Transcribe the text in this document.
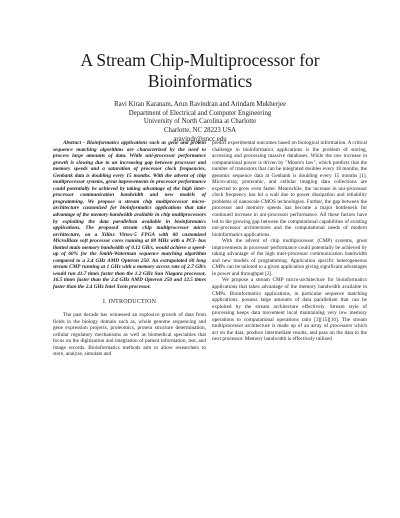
A Stream Chip-Multiprocessor for
Bioinformatics
Ravi Kiran Karanam, Arun Ravindran and Arindam Mukherjee
Department of Electrical and Computer Engineering
University of North Carolina at Charlotte
Charlotte, NC 28223 USA
aravindr@uncc.edu

Abstract - Bioinformatics applications such as gene and protein sequence matching algorithms are characterized by the need to process large amounts of data. While uni-processor performance growth is slowing due to an increasing gap between processor and memory speeds and a saturation of processor clock frequencies, Genbank data is doubling every 15 months. With the advent of chip multiprocessor systems, great improvements in processor performance could potentially be achieved by taking advantage of the high inter-processor communication bandwidth and new models of programming. We propose a stream chip multiprocessor micro- architecture customized for bioinformatics applications that take advantage of the memory bandwidth available in chip multiprocessors by exploiting the data parallelism available in bioinformatics applications. The proposed stream chip multiprocessor micro architecture, on a Xilinx Virtex-5 FPGA with 60 customized MicroBlaze soft processor cores running at 80 MHz with a PCI- bus limited main memory bandwidth of 0.12 GB/s, would achieve a speed-up of 60% for the Smith-Waterman sequence matching algorithm compared to a 2.4 GHz AMD Opteron 250. An extrapolated 60 long stream CMP running at 1 GHz with a memory access rate of 2.7 GB/s would run 41.7 times faster than the 1.2 GHz Sun Niagara processor, 16.5 times faster than the 2.4 GHz AMD Opteron 250 and 12.5 times faster than the 2.4 GHz Intel Xeon processor.

I. INTRODUCTION

The past decade has witnessed an explosive growth of data from fields in the biology domain such as, whole genome sequencing and gene expression projects, proteomics, protein structure determination, cellular regulatory mechanisms as well as biomedical specialties that focus on the digitization and integration of patient information, test, and image records. Bioinformatics methods aim to allow researchers to store, analyze, simulate and

predict experimental outcomes based on biological information. A critical challenge in bioinformatics applications is the problem of storing, accessing and processing massive databases. While the raw increase in computational power is driven by "Moore's law", which predicts that the number of transistors that can be integrated doubles every 18 months, the genomic sequence data at Genbank is doubling every 15 months [1]. Micro-array, proteomic, and cellular imaging data collections are expected to grow even faster. Meanwhile, the increase in uni-processor clock frequency has hit a wall due to power dissipation and reliability problems of nanoscale CMOS technologies. Further, the gap between the processor and memory speeds has become a major bottleneck for continued increase in uni-processor performance. All these factors have led to the growing gap between the computational capabilities of existing uni-processor architectures and the computational needs of modern bioinformatics applications.

With the advent of chip multiprocessor (CMP) systems, great improvements in processor performance could potentially be achieved by taking advantage of the high inter-processor communication bandwidth and new models of programming. Application specific heterogeneous CMPs can be tailored to a given application giving significant advantages in power and throughput [2].

We propose a stream CMP micro-architecture for bioinformatics applications that takes advantage of the memory bandwidth available in CMPs. Bioinformatics applications, in particular sequence matching applications, possess large amounts of data parallelism that can be exploited by the stream architecture effectively. Stream style of processing keeps data movement local maintaining very low memory operations to computational operations ratio [3][15][16]. The stream multiprocessor architecture is made up of an array of processors which act on the data, produce intermediate results, and pass on the data to the next processor. Memory bandwidth is effectively utilized
